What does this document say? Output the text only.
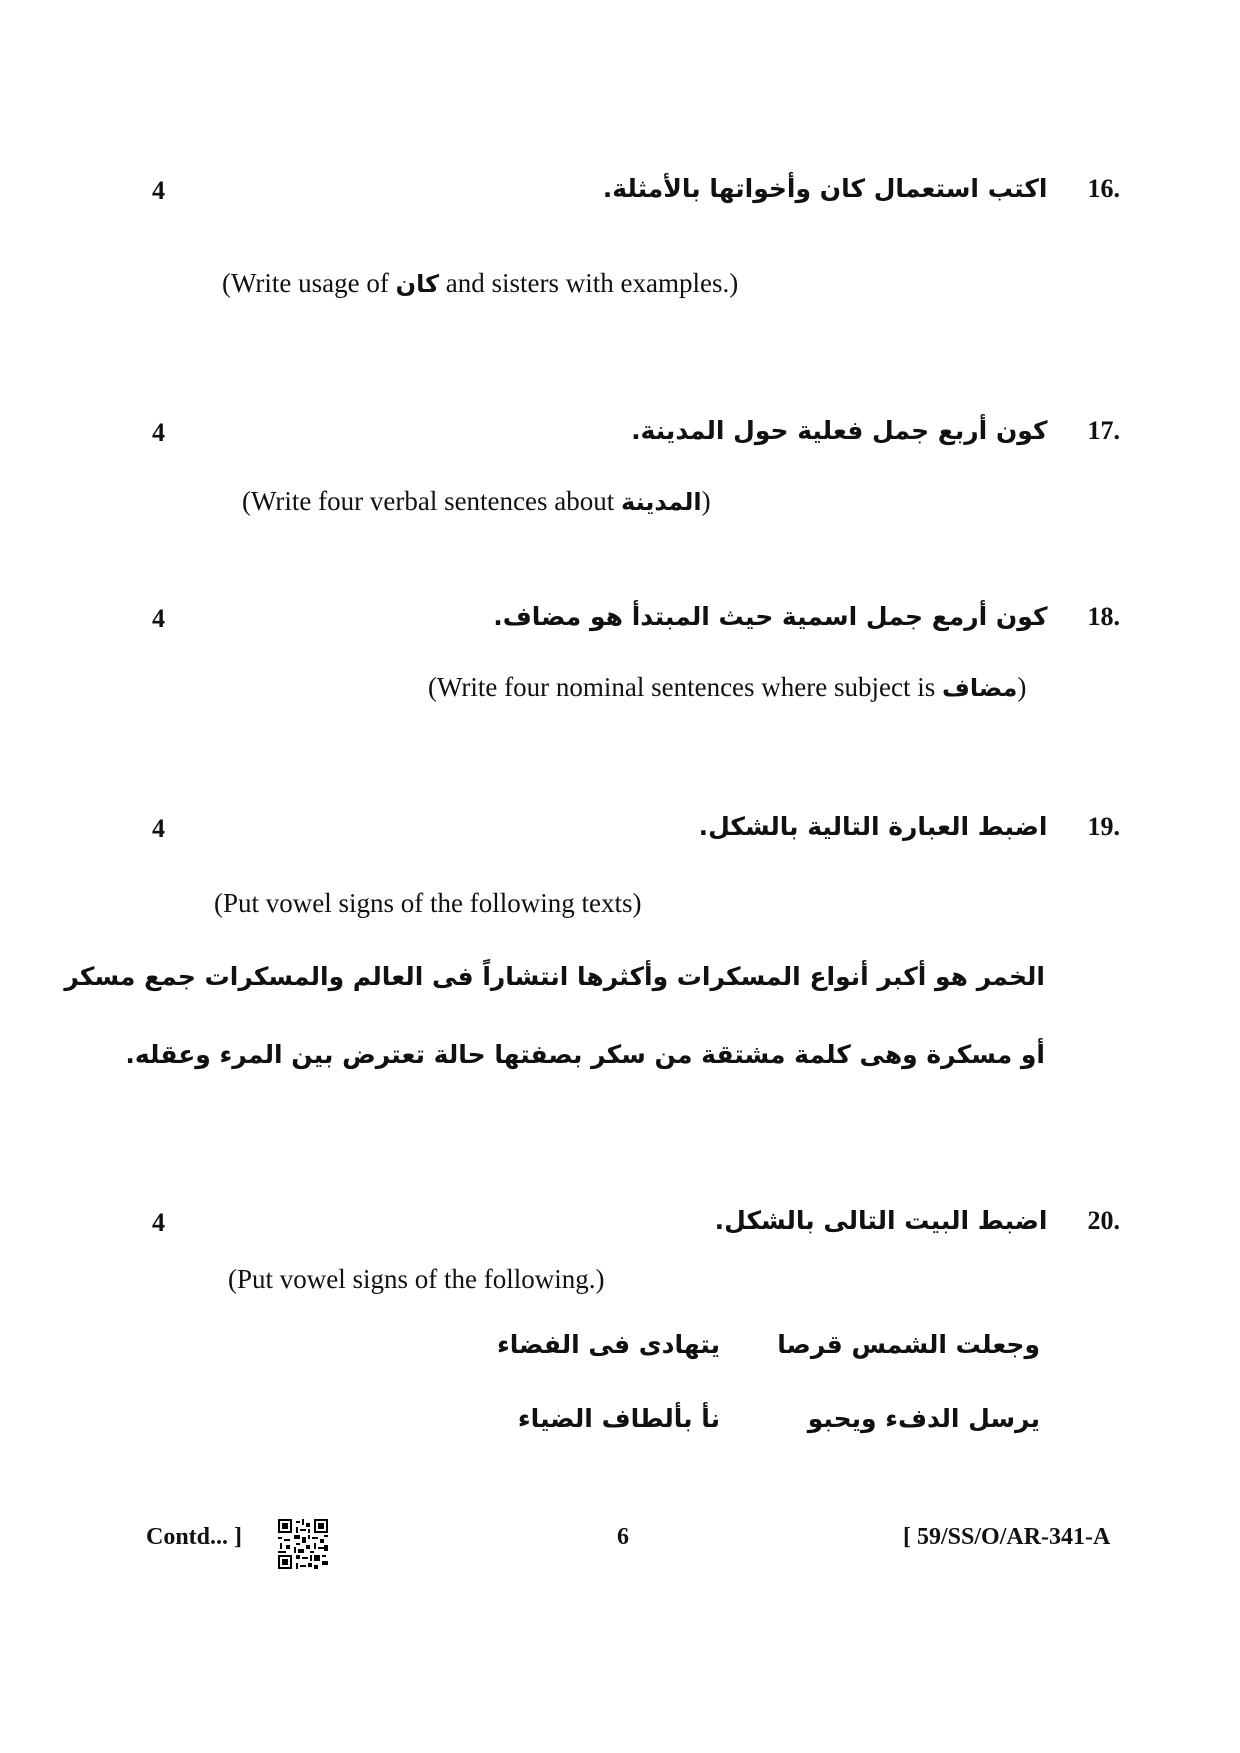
4	16.اكتب استعمال كان وأخواتها بالأمثلة.
(Write usage of كان and sisters with examples.)
4	17.كون أربع جمل فعلية حول المدينة.
(Write four verbal sentences about المدينة)
4	18.كون أرمع جمل اسمية حيث المبتدأ هو مضاف.
(Write four nominal sentences where subject is مضاف)
4	19.اضبط العبارة التالية بالشكل.
(Put vowel signs of the following texts)
الخمر هو أكبر أنواع المسكرات وأكثرها انتشاراً فى العالم والمسكرات جمع مسكر
أو مسكرة وهى كلمة مشتقة من سكر بصفتها حالة تعترض بين المرء وعقله.
4	20.اضبط البيت التالى بالشكل.
(Put vowel signs of the following.)
وجعلت الشمس قرصا
يتهادى فى الفضاء
يرسل الدفء ويحبو
نأ بألطاف الضياء
Contd... ]	6	[ 59/SS/O/AR-341-A
